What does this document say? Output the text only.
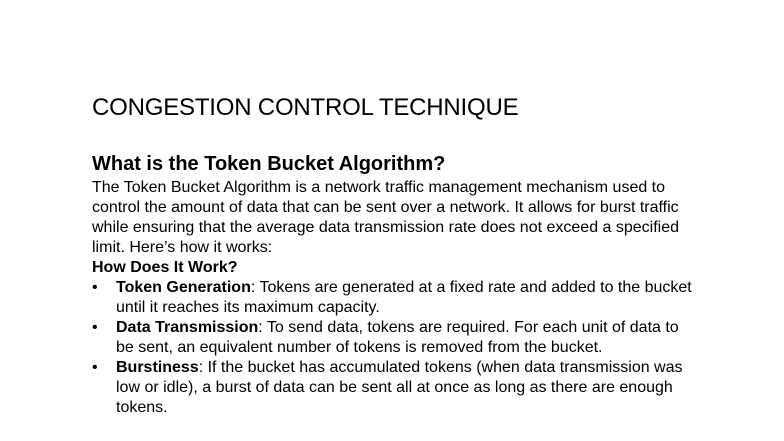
CONGESTION CONTROL TECHNIQUE
What is the Token Bucket Algorithm?

The Token Bucket Algorithm is a network traffic management mechanism used to control the amount of data that can be sent over a network. It allows for burst traffic while ensuring that the average data transmission rate does not exceed a specified limit. Here’s how it works:

How Does It Work?
• Token Generation: Tokens are generated at a fixed rate and added to the bucket until it reaches its maximum capacity.
• Data Transmission: To send data, tokens are required. For each unit of data to be sent, an equivalent number of tokens is removed from the bucket.
• Burstiness: If the bucket has accumulated tokens (when data transmission was low or idle), a burst of data can be sent all at once as long as there are enough tokens.
